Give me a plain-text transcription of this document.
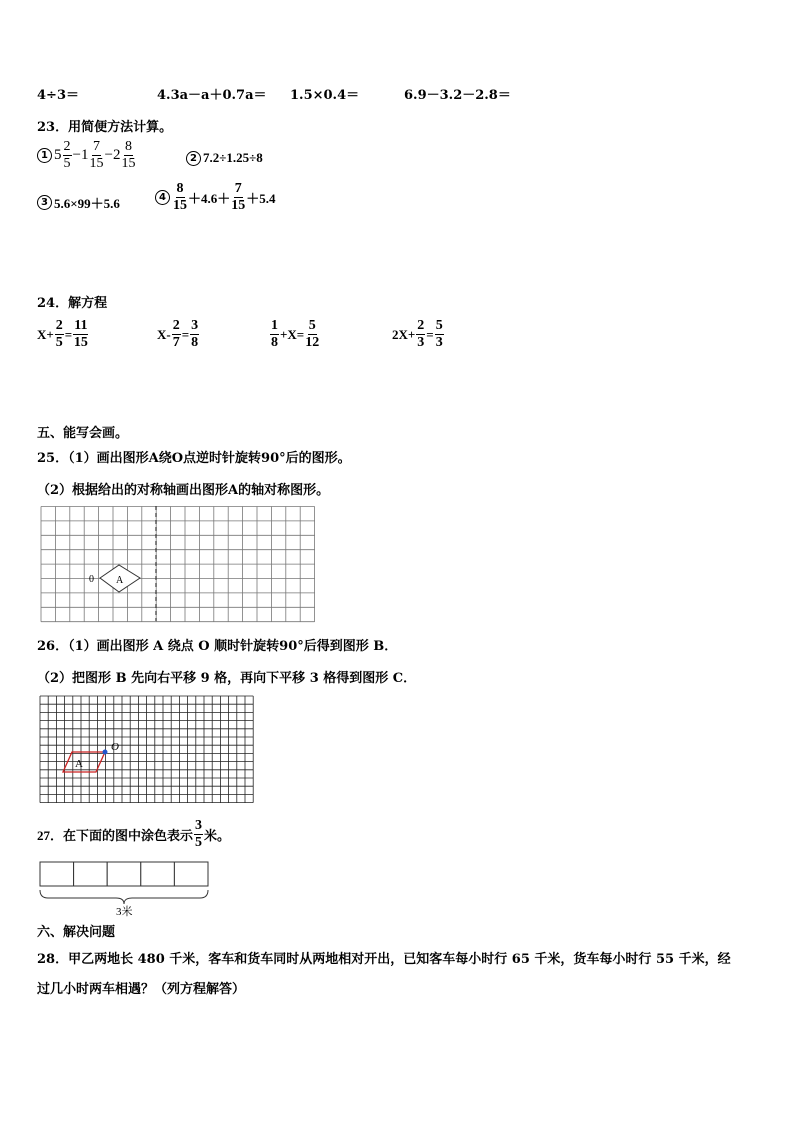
4÷3＝	4.3a－a＋0.7a＝ 1.5×0.4＝	6.9－3.2－2.8＝
23．用简便方法计算。
1 $5 \frac{2}{5} - 1 \frac{7}{15} - 2 \frac{8}{15}$	2 7.2÷1.25÷8
3 5.6×99＋5.6	$4 \frac{8}{15} +4.6+ \frac{7}{15} +5.4$
24．解方程
$X+ \frac{2}{5} = \frac{11}{15}$	$X- \frac{2}{7} = \frac{3}{8}$	$\frac{1}{8} +X= \frac{5}{12}$	$2X+ \frac{2}{3} = \frac{5}{3}$
五、能写会画。
25．（1）画出图形A绕O点逆时针旋转90°后的图形。
（2）根据给出的对称轴画出图形A的轴对称图形。
A
0
26．（1）画出图形 A 绕点 O 顺时针旋转90°后得到图形 B．
（2）把图形 B 先向右平移 9 格，再向下平移 3 格得到图形 C．
A
O
27．在下面的图中涂色表示 $\frac{3}{5}$ 米。
3米
六、解决问题
28．甲乙两地长 480 千米，客车和货车同时从两地相对开出，已知客车每小时行 65 千米，货车每小时行 55 千米，经
过几小时两车相遇？（列方程解答）
